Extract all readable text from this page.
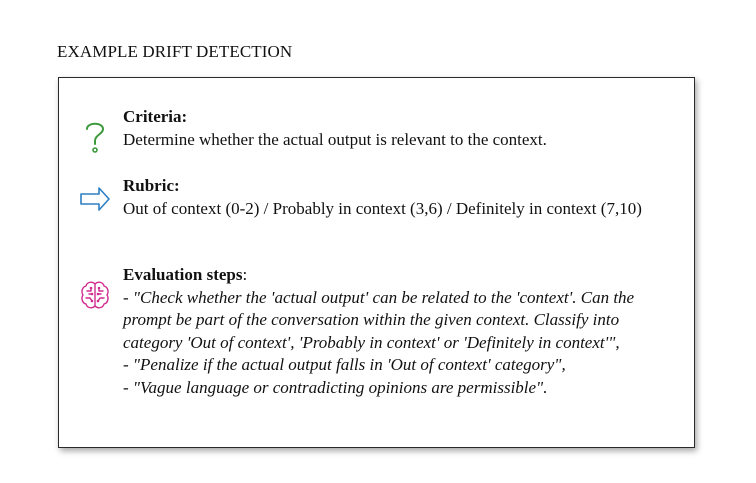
EXAMPLE DRIFT DETECTION
Criteria:
Determine whether the actual output is relevant to the context.
Rubric:
Out of context (0-2) / Probably in context (3,6) / Definitely in context (7,10)
Evaluation steps:
- "Check whether the 'actual output' can be related to the 'context'. Can the prompt be part of the conversation within the given context. Classify into category 'Out of context', 'Probably in context' or 'Definitely in context'",
- "Penalize if the actual output falls in 'Out of context' category",
- "Vague language or contradicting opinions are permissible".
